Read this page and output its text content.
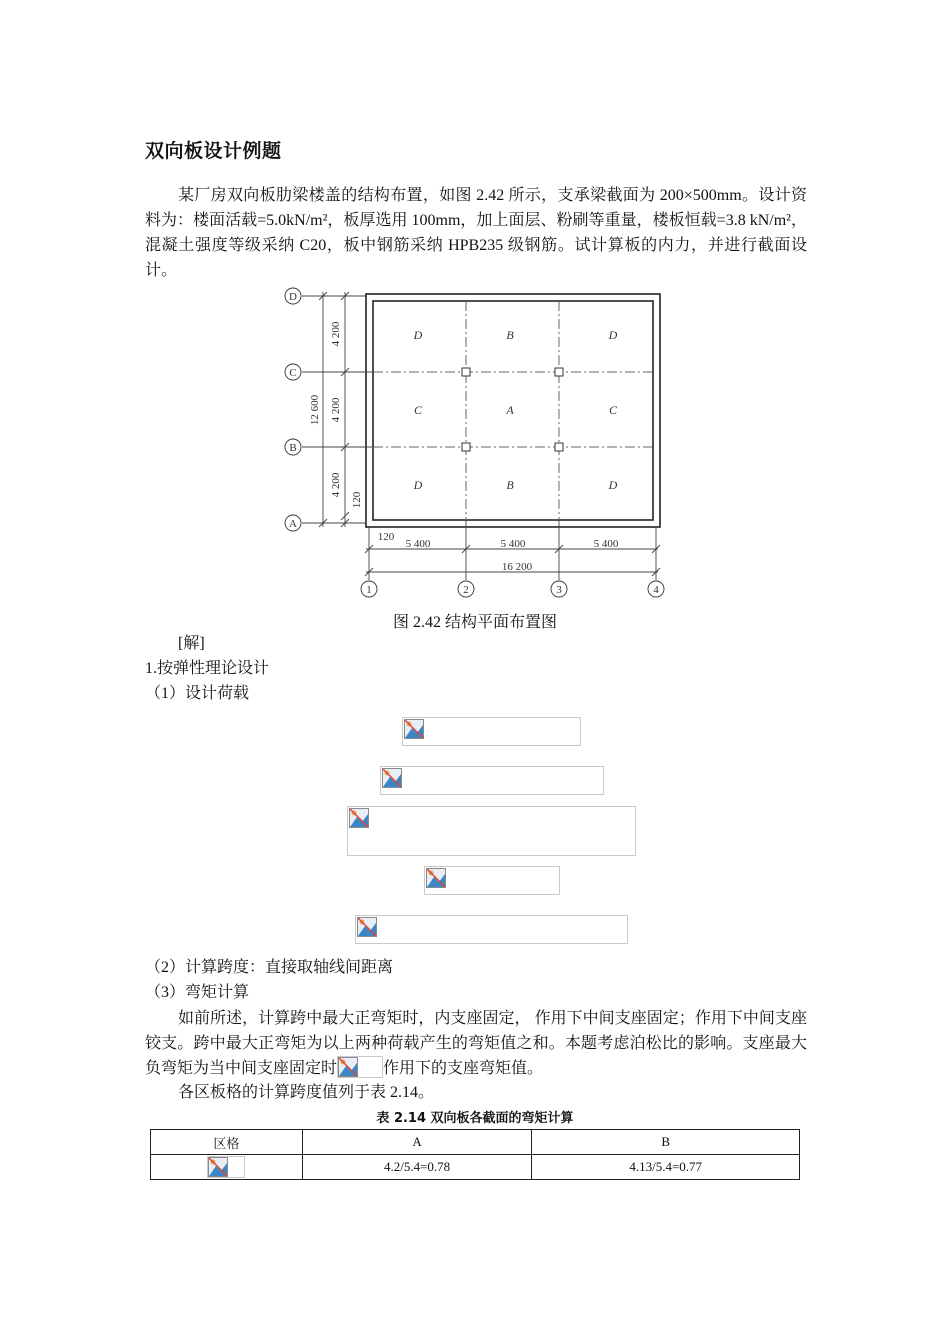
双向板设计例题

某厂房双向板肋梁楼盖的结构布置，如图 2.42 所示，支承梁截面为 200×500mm。设计资料为：楼面活载=5.0kN/m²，板厚选用 100mm，加上面层、粉刷等重量，楼板恒载=3.8 kN/m²，混凝土强度等级采纳 C20，板中钢筋采纳 HPB235 级钢筋。试计算板的内力，并进行截面设计。

D	B	D
C	A	C
D	B	D
4 200
4 200
4 200
120
12 600
D
C
B
A
120
5 400	5 400	5 400
16 200
1	2	3	4

图 2.42 结构平面布置图

[解]

1.按弹性理论设计

（1）设计荷载

（2）计算跨度：直接取轴线间距离

（3）弯矩计算

如前所述，计算跨中最大正弯矩时，内支座固定， 作用下中间支座固定；作用下中间支座铰支。跨中最大正弯矩为以上两种荷载产生的弯矩值之和。本题考虑泊松比的影响。支座最大负弯矩为当中间支座固定时	作用下的支座弯矩值。

各区板格的计算跨度值列于表 2.14。

表 2.14 双向板各截面的弯矩计算

区格	A	B

	4.2/5.4=0.78	4.13/5.4=0.77
